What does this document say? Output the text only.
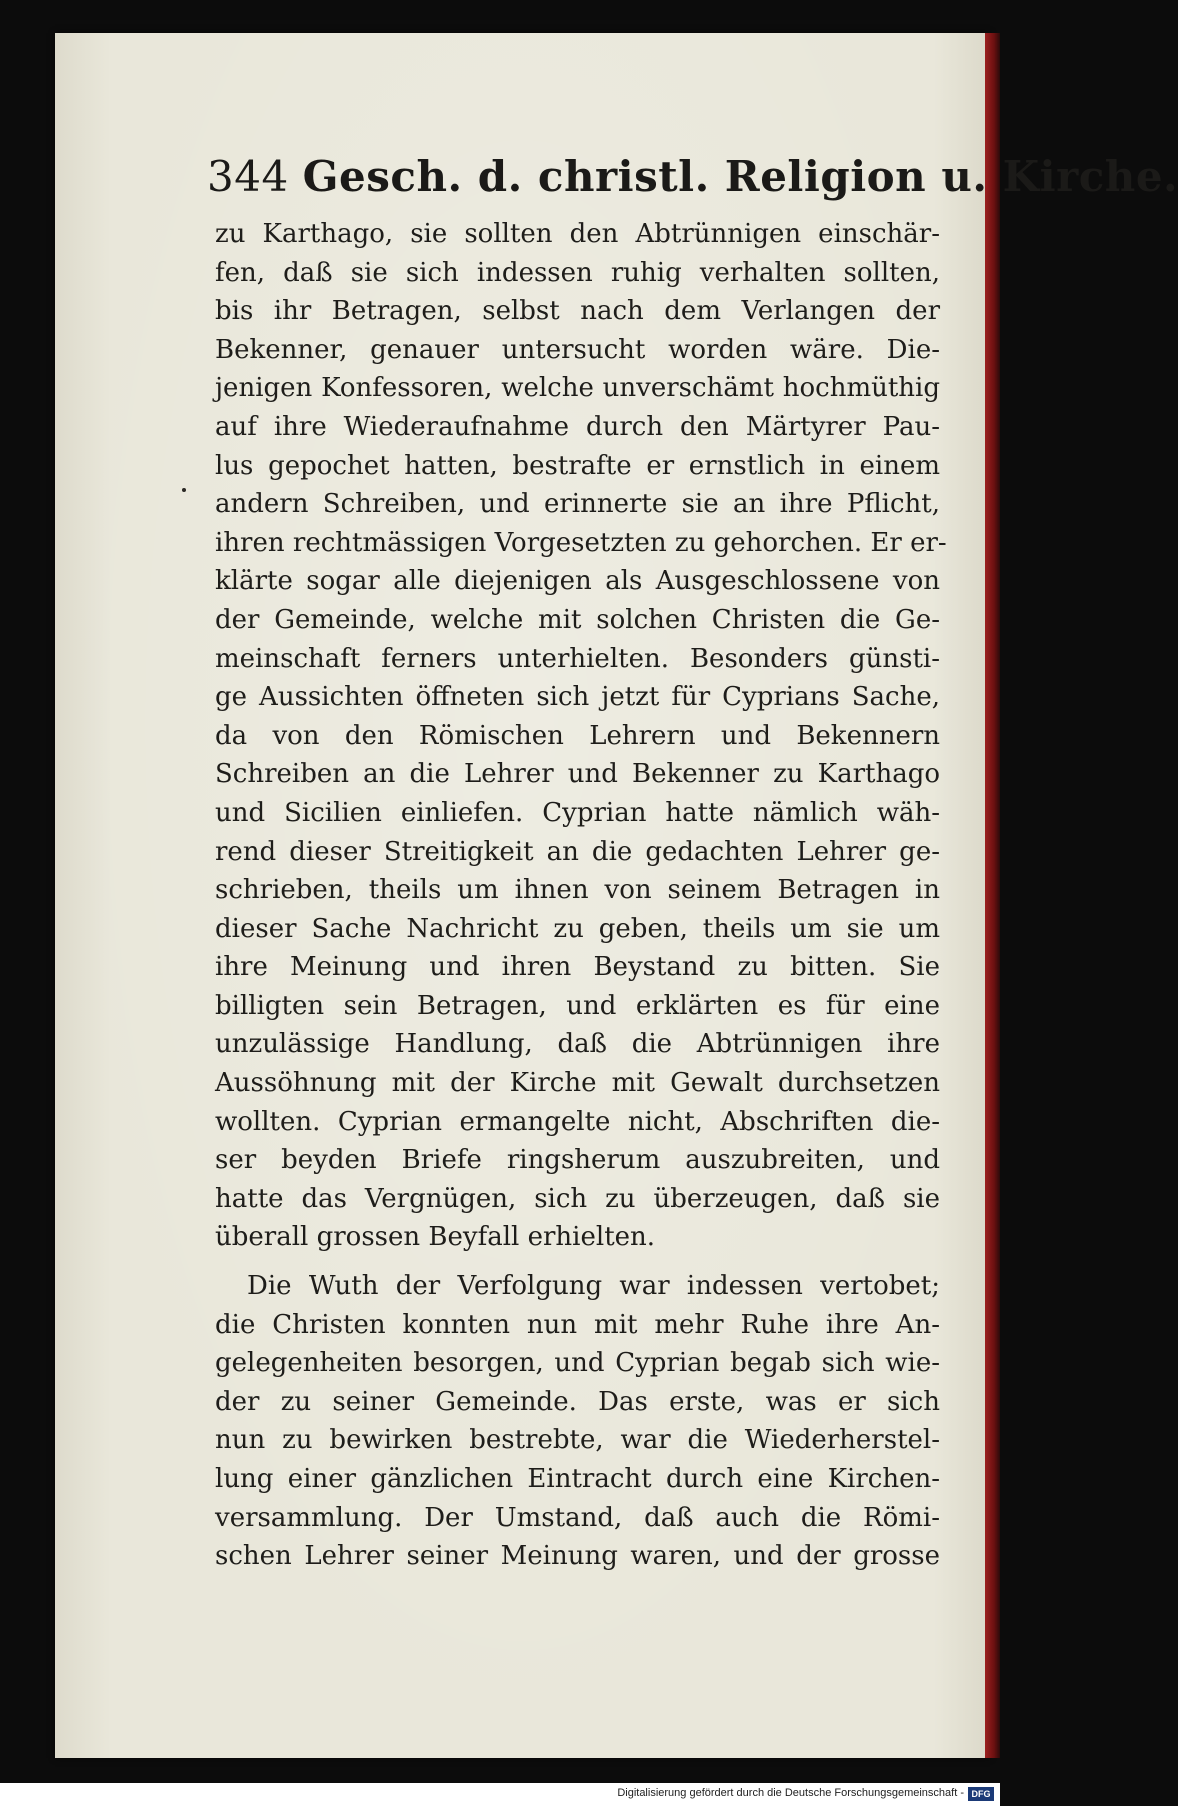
344 Gesch. d. christl. Religion u. Kirche.
zu Karthago, sie sollten den Abtrünnigen einschär-
fen, daß sie sich indessen ruhig verhalten sollten,
bis ihr Betragen, selbst nach dem Verlangen der
Bekenner, genauer untersucht worden wäre. Die-
jenigen Konfessoren, welche unverschämt hochmüthig
auf ihre Wiederaufnahme durch den Märtyrer Pau-
lus gepochet hatten, bestrafte er ernstlich in einem
andern Schreiben, und erinnerte sie an ihre Pflicht,
ihren rechtmässigen Vorgesetzten zu gehorchen. Er er-
klärte sogar alle diejenigen als Ausgeschlossene von
der Gemeinde, welche mit solchen Christen die Ge-
meinschaft ferners unterhielten. Besonders günsti-
ge Aussichten öffneten sich jetzt für Cyprians Sache,
da von den Römischen Lehrern und Bekennern
Schreiben an die Lehrer und Bekenner zu Karthago
und Sicilien einliefen. Cyprian hatte nämlich wäh-
rend dieser Streitigkeit an die gedachten Lehrer ge-
schrieben, theils um ihnen von seinem Betragen in
dieser Sache Nachricht zu geben, theils um sie um
ihre Meinung und ihren Beystand zu bitten. Sie
billigten sein Betragen, und erklärten es für eine
unzulässige Handlung, daß die Abtrünnigen ihre
Aussöhnung mit der Kirche mit Gewalt durchsetzen
wollten. Cyprian ermangelte nicht, Abschriften die-
ser beyden Briefe ringsherum auszubreiten, und
hatte das Vergnügen, sich zu überzeugen, daß sie
überall grossen Beyfall erhielten.
Die Wuth der Verfolgung war indessen vertobet;
die Christen konnten nun mit mehr Ruhe ihre An-
gelegenheiten besorgen, und Cyprian begab sich wie-
der zu seiner Gemeinde. Das erste, was er sich
nun zu bewirken bestrebte, war die Wiederherstel-
lung einer gänzlichen Eintracht durch eine Kirchen-
versammlung. Der Umstand, daß auch die Römi-
schen Lehrer seiner Meinung waren, und der grosse
Digitalisierung gefördert durch die Deutsche Forschungsgemeinschaft - DFG
